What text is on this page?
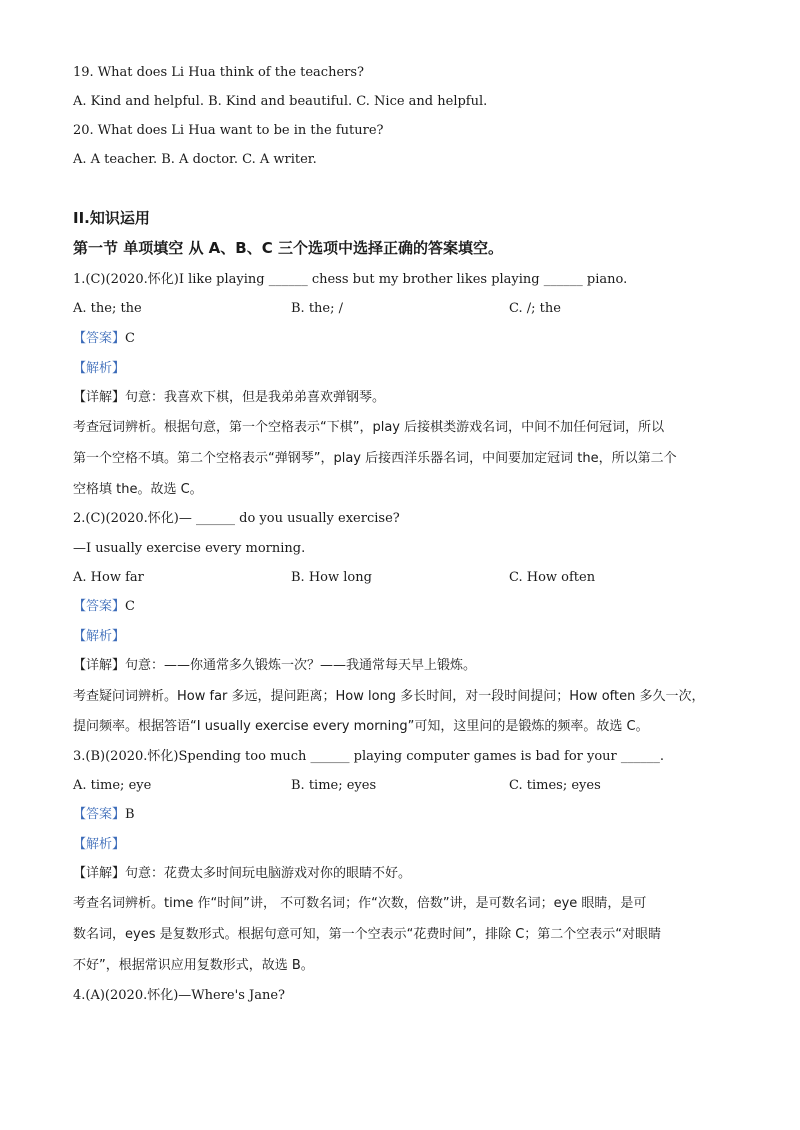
19. What does Li Hua think of the teachers?
A. Kind and helpful. B. Kind and beautiful. C. Nice and helpful.
20. What does Li Hua want to be in the future?
A. A teacher. B. A doctor. C. A writer.
II.知识运用
第一节 单项填空 从 A、B、C 三个选项中选择正确的答案填空。
1.(C)(2020.怀化)I like playing ______ chess but my brother likes playing ______ piano.
A. the; the	B. the; /	C. /; the
【答案】C
【解析】
【详解】句意：我喜欢下棋，但是我弟弟喜欢弹钢琴。
考查冠词辨析。根据句意，第一个空格表示“下棋”，play 后接棋类游戏名词，中间不加任何冠词，所以
第一个空格不填。第二个空格表示“弹钢琴”，play 后接西洋乐器名词，中间要加定冠词 the，所以第二个
空格填 the。故选 C。
2.(C)(2020.怀化)— ______ do you usually exercise?
—I usually exercise every morning.
A. How far	B. How long	C. How often
【答案】C
【解析】
【详解】句意：——你通常多久锻炼一次？——我通常每天早上锻炼。
考查疑问词辨析。How far 多远，提问距离；How long 多长时间，对一段时间提问；How often 多久一次，
提问频率。根据答语“I usually exercise every morning”可知，这里问的是锻炼的频率。故选 C。
3.(B)(2020.怀化)Spending too much ______ playing computer games is bad for your ______.
A. time; eye	B. time; eyes	C. times; eyes
【答案】B
【解析】
【详解】句意：花费太多时间玩电脑游戏对你的眼睛不好。
考查名词辨析。time 作“时间”讲， 不可数名词；作“次数，倍数”讲，是可数名词；eye 眼睛，是可
数名词，eyes 是复数形式。根据句意可知，第一个空表示“花费时间”，排除 C；第二个空表示“对眼睛
不好”，根据常识应用复数形式，故选 B。
4.(A)(2020.怀化)—Where's Jane?
